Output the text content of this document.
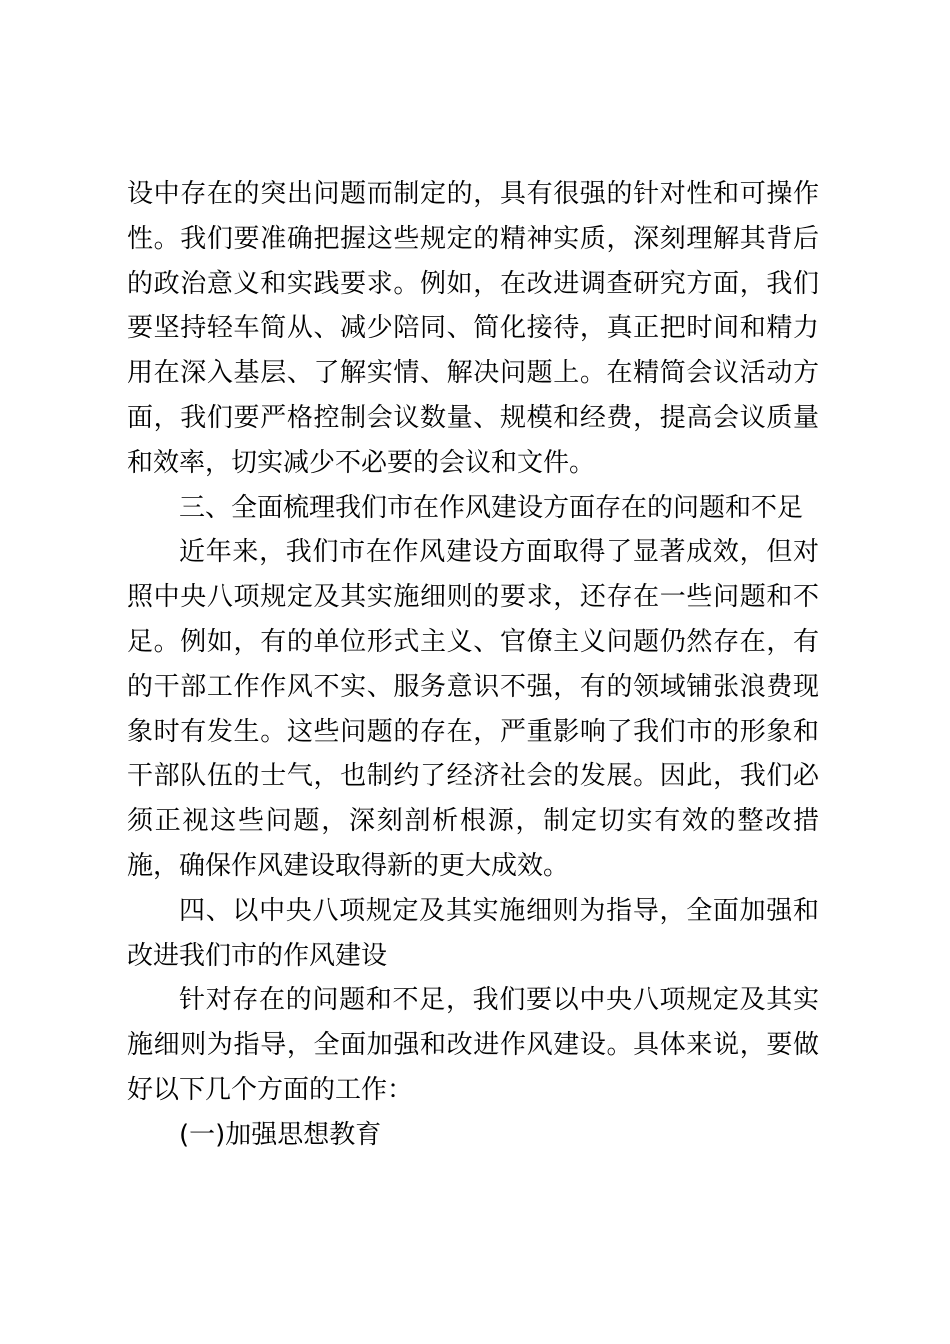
设中存在的突出问题而制定的，具有很强的针对性和可操作性。我们要准确把握这些规定的精神实质，深刻理解其背后的政治意义和实践要求。例如，在改进调查研究方面，我们要坚持轻车简从、减少陪同、简化接待，真正把时间和精力用在深入基层、了解实情、解决问题上。在精简会议活动方面，我们要严格控制会议数量、规模和经费，提高会议质量和效率，切实减少不必要的会议和文件。

三、全面梳理我们市在作风建设方面存在的问题和不足

近年来，我们市在作风建设方面取得了显著成效，但对照中央八项规定及其实施细则的要求，还存在一些问题和不足。例如，有的单位形式主义、官僚主义问题仍然存在，有的干部工作作风不实、服务意识不强，有的领域铺张浪费现象时有发生。这些问题的存在，严重影响了我们市的形象和干部队伍的士气，也制约了经济社会的发展。因此，我们必须正视这些问题，深刻剖析根源，制定切实有效的整改措施，确保作风建设取得新的更大成效。

四、以中央八项规定及其实施细则为指导，全面加强和改进我们市的作风建设

针对存在的问题和不足，我们要以中央八项规定及其实施细则为指导，全面加强和改进作风建设。具体来说，要做好以下几个方面的工作：

(一)加强思想教育
